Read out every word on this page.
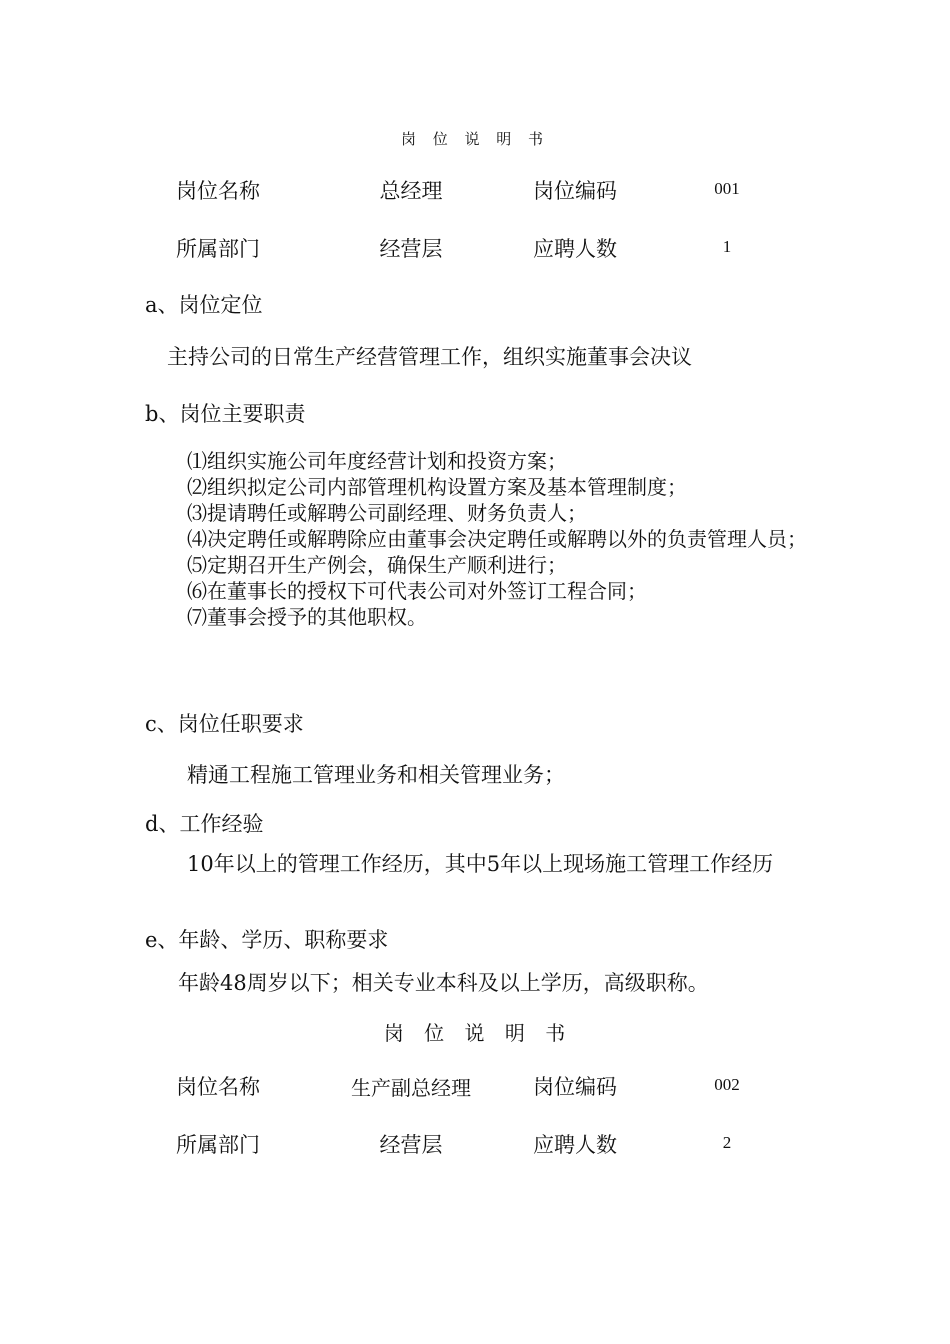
岗 位 说 明 书
岗位名称	总经理	岗位编码	001
所属部门	经营层	应聘人数	1
a、岗位定位
主持公司的日常生产经营管理工作，组织实施董事会决议
b、岗位主要职责
⑴组织实施公司年度经营计划和投资方案；
⑵组织拟定公司内部管理机构设置方案及基本管理制度；
⑶提请聘任或解聘公司副经理、财务负责人；
⑷决定聘任或解聘除应由董事会决定聘任或解聘以外的负责管理人员；
⑸定期召开生产例会，确保生产顺利进行；
⑹在董事长的授权下可代表公司对外签订工程合同；
⑺董事会授予的其他职权。
c、岗位任职要求
精通工程施工管理业务和相关管理业务；
d、工作经验
10年以上的管理工作经历，其中5年以上现场施工管理工作经历
e、年龄、学历、职称要求
年龄48周岁以下；相关专业本科及以上学历，高级职称。
岗 位 说 明 书
岗位名称	生产副总经理	岗位编码	002
所属部门	经营层	应聘人数	2
